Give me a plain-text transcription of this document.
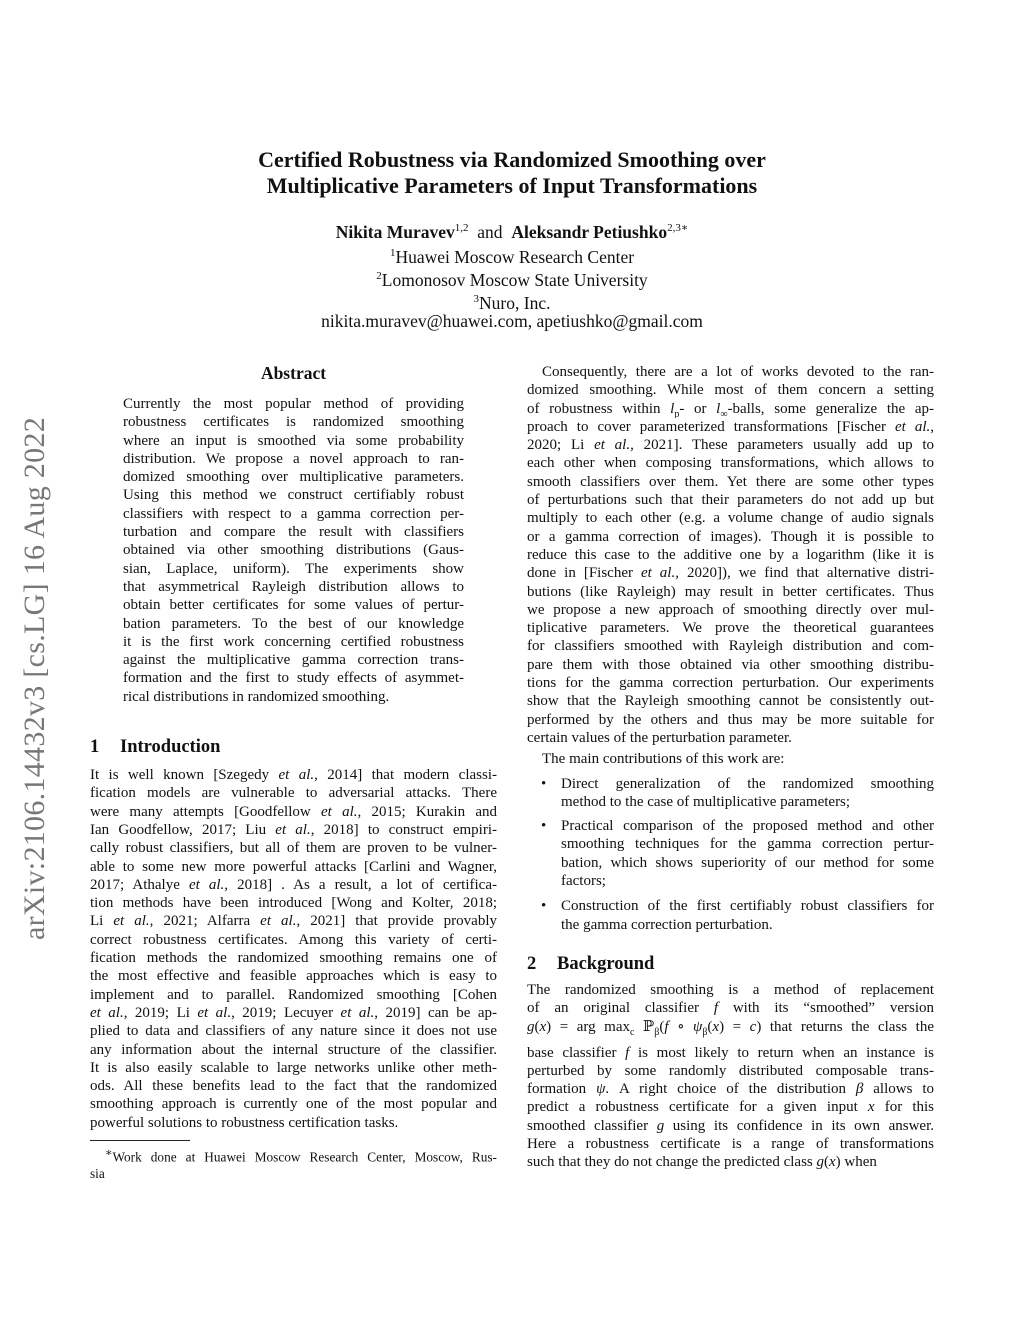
arXiv:2106.14432v3 [cs.LG] 16 Aug 2022
Certified Robustness via Randomized Smoothing over
Multiplicative Parameters of Input Transformations
Nikita Muravev$^{1,2}$ and Aleksandr Petiushko$^{2,3∗}$
$^1$Huawei Moscow Research Center
$^2$Lomonosov Moscow State University
$^3$Nuro, Inc.
nikita.muravev@huawei.com, apetiushko@gmail.com
Abstract
Currently the most popular method of providing
robustness certificates is randomized smoothing
where an input is smoothed via some probability
distribution. We propose a novel approach to ran-
domized smoothing over multiplicative parameters.
Using this method we construct certifiably robust
classifiers with respect to a gamma correction per-
turbation and compare the result with classifiers
obtained via other smoothing distributions (Gaus-
sian, Laplace, uniform). The experiments show
that asymmetrical Rayleigh distribution allows to
obtain better certificates for some values of pertur-
bation parameters. To the best of our knowledge
it is the first work concerning certified robustness
against the multiplicative gamma correction trans-
formation and the first to study effects of asymmet-
rical distributions in randomized smoothing.
1 Introduction
It is well known [Szegedy et al., 2014] that modern classi-
fication models are vulnerable to adversarial attacks. There
were many attempts [Goodfellow et al., 2015; Kurakin and
Ian Goodfellow, 2017; Liu et al., 2018] to construct empiri-
cally robust classifiers, but all of them are proven to be vulner-
able to some new more powerful attacks [Carlini and Wagner,
2017; Athalye et al., 2018] . As a result, a lot of certifica-
tion methods have been introduced [Wong and Kolter, 2018;
Li et al., 2021; Alfarra et al., 2021] that provide provably
correct robustness certificates. Among this variety of certi-
fication methods the randomized smoothing remains one of
the most effective and feasible approaches which is easy to
implement and to parallel. Randomized smoothing [Cohen
et al., 2019; Li et al., 2019; Lecuyer et al., 2019] can be ap-
plied to data and classifiers of any nature since it does not use
any information about the internal structure of the classifier.
It is also easily scalable to large networks unlike other meth-
ods. All these benefits lead to the fact that the randomized
smoothing approach is currently one of the most popular and
powerful solutions to robustness certification tasks.
∗Work done at Huawei Moscow Research Center, Moscow, Rus-
sia
Consequently, there are a lot of works devoted to the ran-
domized smoothing. While most of them concern a setting
of robustness within $l_p-$ or $l_\infty$-balls, some generalize the ap-
proach to cover parameterized transformations [Fischer et al.,
2020; Li et al., 2021]. These parameters usually add up to
each other when composing transformations, which allows to
smooth classifiers over them. Yet there are some other types
of perturbations such that their parameters do not add up but
multiply to each other (e.g. a volume change of audio signals
or a gamma correction of images). Though it is possible to
reduce this case to the additive one by a logarithm (like it is
done in [Fischer et al., 2020]), we find that alternative distri-
butions (like Rayleigh) may result in better certificates. Thus
we propose a new approach of smoothing directly over mul-
tiplicative parameters. We prove the theoretical guarantees
for classifiers smoothed with Rayleigh distribution and com-
pare them with those obtained via other smoothing distribu-
tions for the gamma correction perturbation. Our experiments
show that the Rayleigh smoothing cannot be consistently out-
performed by the others and thus may be more suitable for
certain values of the perturbation parameter.
The main contributions of this work are:
• Direct generalization of the randomized smoothing
method to the case of multiplicative parameters;
• Practical comparison of the proposed method and other
smoothing techniques for the gamma correction pertur-
bation, which shows superiority of our method for some
factors;
• Construction of the first certifiably robust classifiers for
the gamma correction perturbation.
2 Background
The randomized smoothing is a method of replacement
of an original classifier f with its “smoothed” version
g(x) = arg $\max_c$ ℙ$_\beta$(f ∘ $\psi_\beta(x) = c$) that returns the class the
base classifier f is most likely to return when an instance is
perturbed by some randomly distributed composable trans-
formation ψ. A right choice of the distribution β allows to
predict a robustness certificate for a given input x for this
smoothed classifier g using its confidence in its own answer.
Here a robustness certificate is a range of transformations
such that they do not change the predicted class g(x) when
